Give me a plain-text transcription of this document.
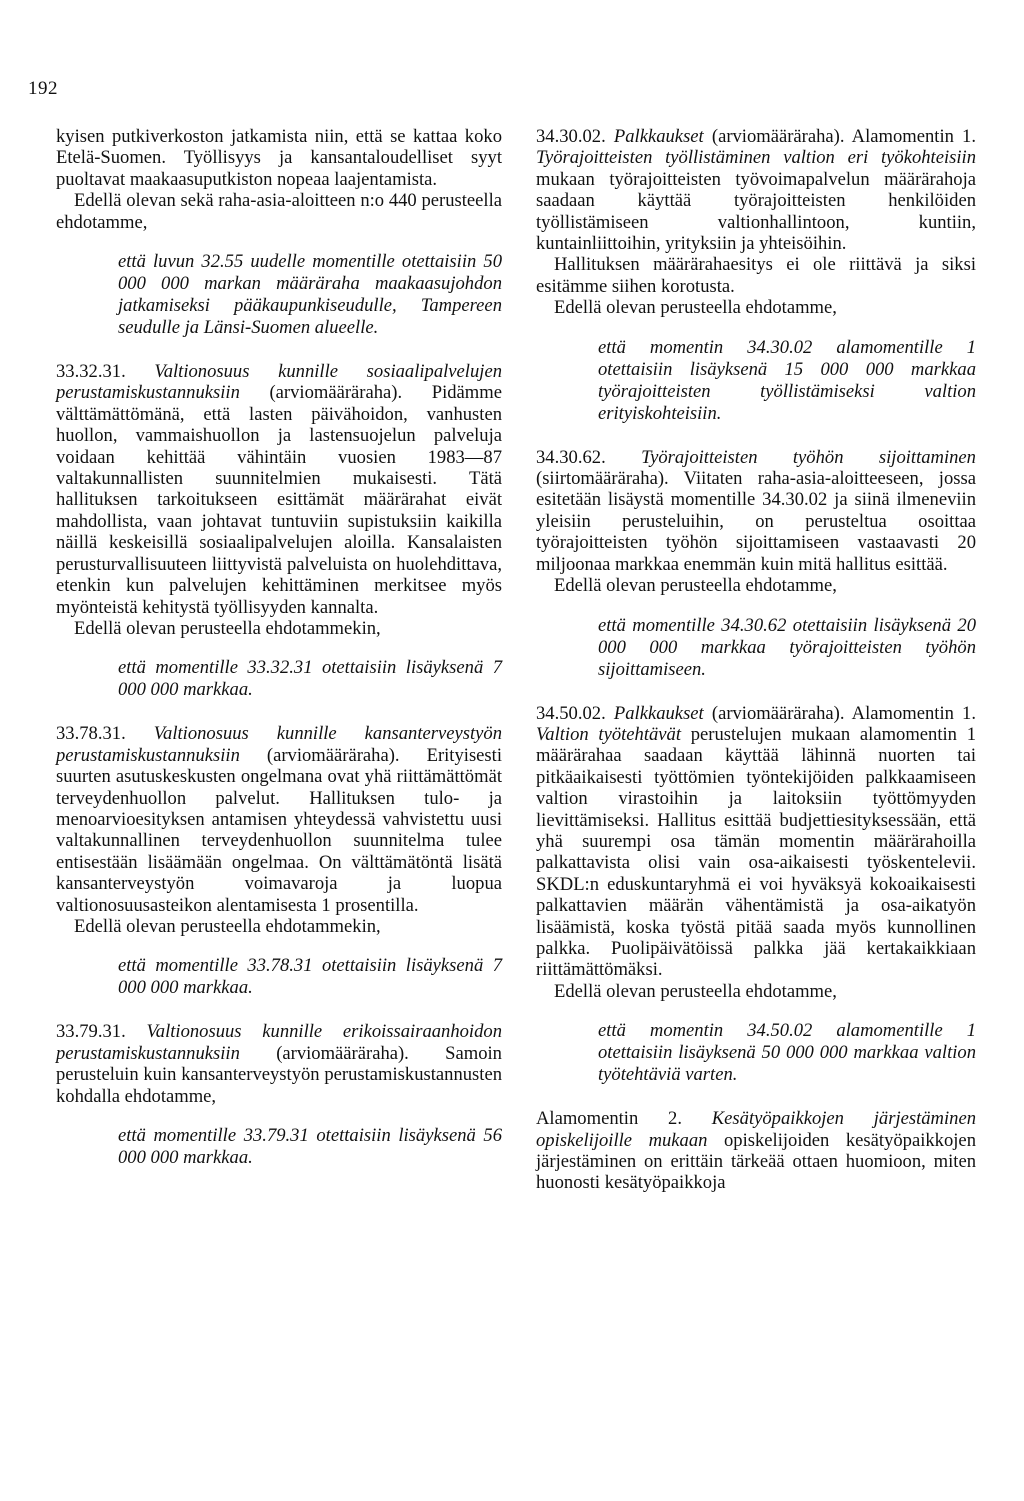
192

kyisen putkiverkoston jatkamista niin, että se kattaa koko Etelä-Suomen. Työllisyys ja kansantaloudelliset syyt puoltavat maakaasuputkiston nopeaa laajentamista.

Edellä olevan sekä raha-asia-aloitteen n:o 440 perusteella ehdotamme,

että luvun 32.55 uudelle momentille otettaisiin 50 000 000 markan määräraha maakaasujohdon jatkamiseksi pääkaupunkiseudulle, Tampereen seudulle ja Länsi-Suomen alueelle.

33.32.31. Valtionosuus kunnille sosiaalipalvelujen perustamiskustannuksiin (arviomääräraha). Pidämme välttämättömänä, että lasten päivähoidon, vanhusten huollon, vammaishuollon ja lastensuojelun palveluja voidaan kehittää vähintäin vuosien 1983—87 valtakunnallisten suunnitelmien mukaisesti. Tätä hallituksen tarkoitukseen esittämät määrärahat eivät mahdollista, vaan johtavat tuntuviin supistuksiin kaikilla näillä keskeisillä sosiaalipalvelujen aloilla. Kansalaisten perusturvallisuuteen liittyvistä palveluista on huolehdittava, etenkin kun palvelujen kehittäminen merkitsee myös myönteistä kehitystä työllisyyden kannalta.

Edellä olevan perusteella ehdotammekin,

että momentille 33.32.31 otettaisiin lisäyksenä 7 000 000 markkaa.

33.78.31. Valtionosuus kunnille kansanterveystyön perustamiskustannuksiin (arviomääräraha). Erityisesti suurten asutuskeskusten ongelmana ovat yhä riittämättömät terveydenhuollon palvelut. Hallituksen tulo- ja menoarvioesityksen antamisen yhteydessä vahvistettu uusi valtakunnallinen terveydenhuollon suunnitelma tulee entisestään lisäämään ongelmaa. On välttämätöntä lisätä kansanterveystyön voimavaroja ja luopua valtionosuusasteikon alentamisesta 1 prosentilla.

Edellä olevan perusteella ehdotammekin,

että momentille 33.78.31 otettaisiin lisäyksenä 7 000 000 markkaa.

33.79.31. Valtionosuus kunnille erikoissairaanhoidon perustamiskustannuksiin (arviomääräraha). Samoin perusteluin kuin kansanterveystyön perustamiskustannusten kohdalla ehdotamme,

että momentille 33.79.31 otettaisiin lisäyksenä 56 000 000 markkaa.

34.30.02. Palkkaukset (arviomääräraha). Alamomentin 1. Työrajoitteisten työllistäminen valtion eri työkohteisiin mukaan työrajoitteisten työvoimapalvelun määrärahoja saadaan käyttää työrajoitteisten henkilöiden työllistämiseen valtionhallintoon, kuntiin, kuntainliittoihin, yrityksiin ja yhteisöihin.

Hallituksen määrärahaesitys ei ole riittävä ja siksi esitämme siihen korotusta.

Edellä olevan perusteella ehdotamme,

että momentin 34.30.02 alamomentille 1 otettaisiin lisäyksenä 15 000 000 markkaa työrajoitteisten työllistämiseksi valtion erityiskohteisiin.

34.30.62. Työrajoitteisten työhön sijoittaminen (siirtomääräraha). Viitaten raha-asia-aloitteeseen, jossa esitetään lisäystä momentille 34.30.02 ja siinä ilmeneviin yleisiin perusteluihin, on perusteltua osoittaa työrajoitteisten työhön sijoittamiseen vastaavasti 20 miljoonaa markkaa enemmän kuin mitä hallitus esittää.

Edellä olevan perusteella ehdotamme,

että momentille 34.30.62 otettaisiin lisäyksenä 20 000 000 markkaa työrajoitteisten työhön sijoittamiseen.

34.50.02. Palkkaukset (arviomääräraha). Alamomentin 1. Valtion työtehtävät perustelujen mukaan alamomentin 1 määrärahaa saadaan käyttää lähinnä nuorten tai pitkäaikaisesti työttömien työntekijöiden palkkaamiseen valtion virastoihin ja laitoksiin työttömyyden lievittämiseksi. Hallitus esittää budjettiesityksessään, että yhä suurempi osa tämän momentin määrärahoilla palkattavista olisi vain osa-aikaisesti työskentelevii. SKDL:n eduskuntaryhmä ei voi hyväksyä kokoaikaisesti palkattavien määrän vähentämistä ja osa-aikatyön lisäämistä, koska työstä pitää saada myös kunnollinen palkka. Puolipäivätöissä palkka jää kertakaikkiaan riittämättömäksi.

Edellä olevan perusteella ehdotamme,

että momentin 34.50.02 alamomentille 1 otettaisiin lisäyksenä 50 000 000 markkaa valtion työtehtäviä varten.

Alamomentin 2. Kesätyöpaikkojen järjestäminen opiskelijoille mukaan opiskelijoiden kesätyöpaikkojen järjestäminen on erittäin tärkeää ottaen huomioon, miten huonosti kesätyöpaikkoja
